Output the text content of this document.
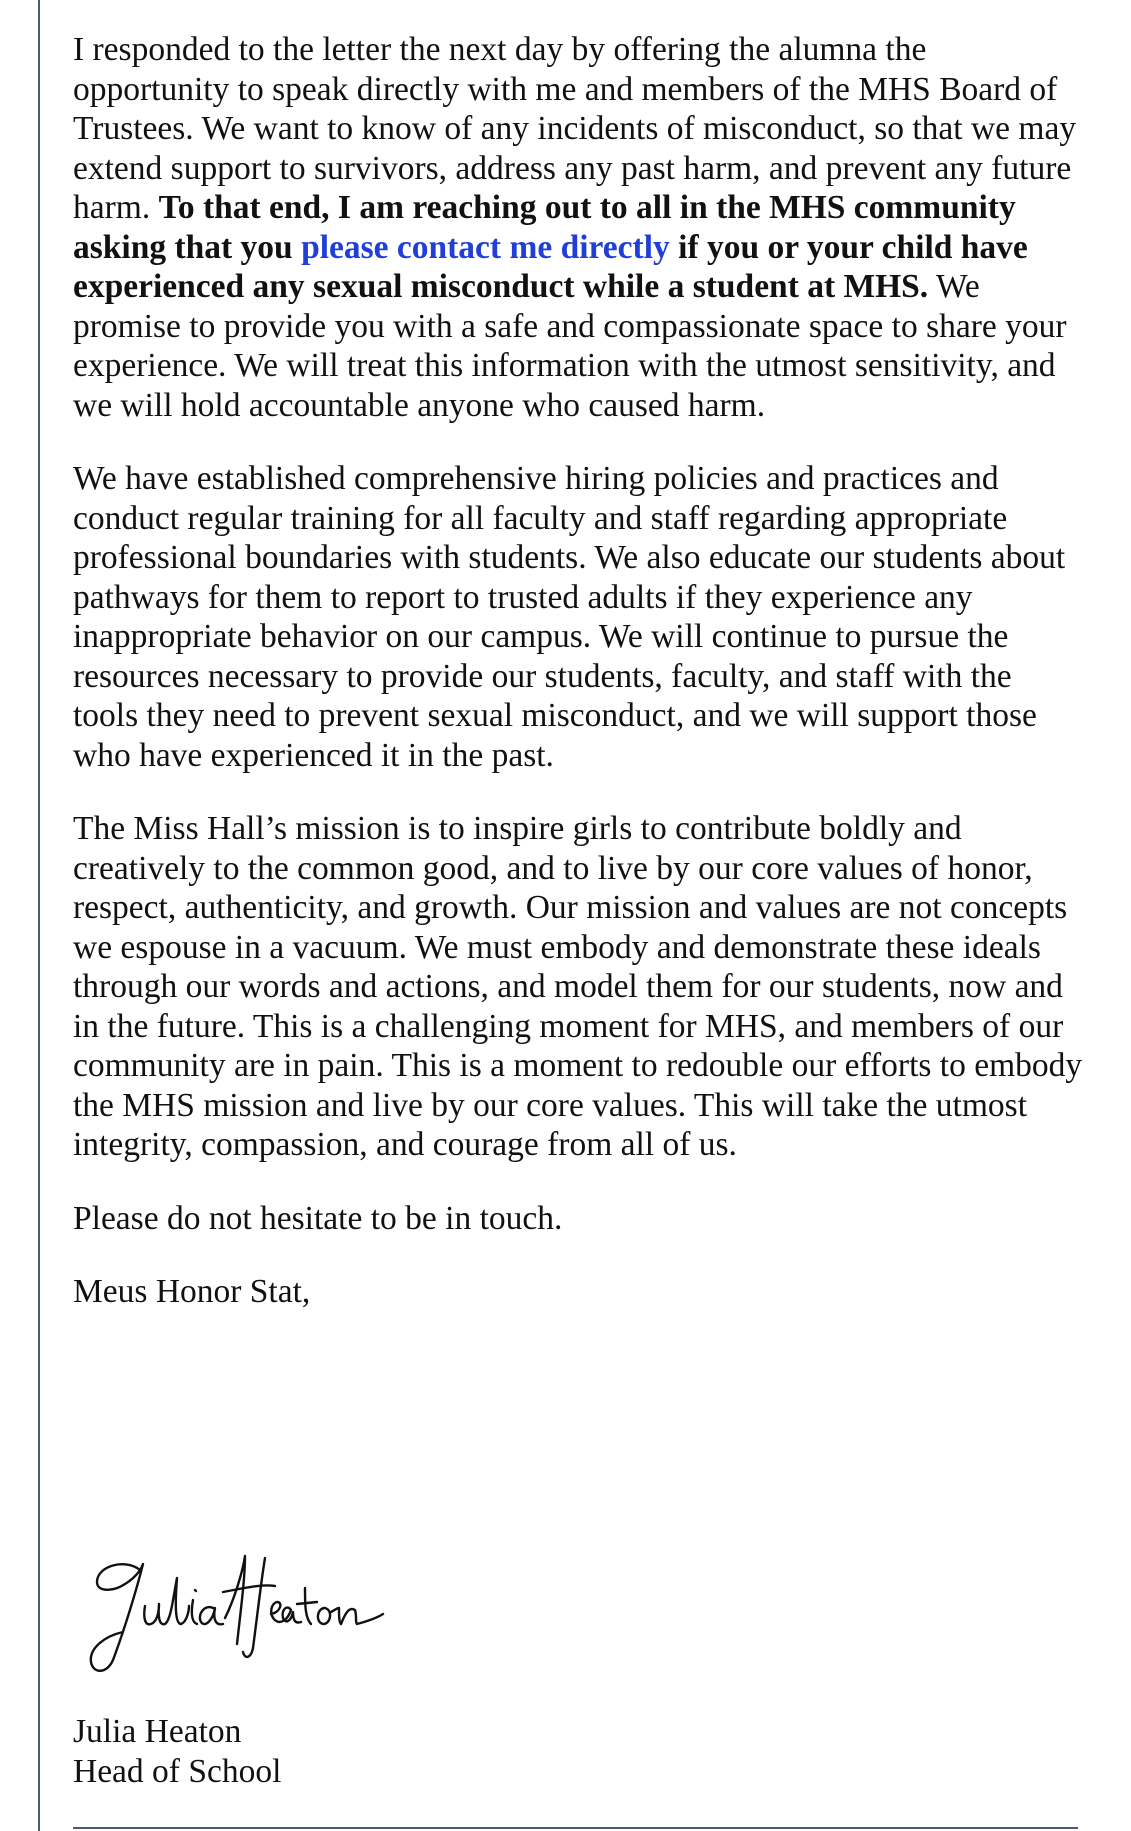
I responded to the letter the next day by offering the alumna the opportunity to speak directly with me and members of the MHS Board of Trustees. We want to know of any incidents of misconduct, so that we may extend support to survivors, address any past harm, and prevent any future harm. To that end, I am reaching out to all in the MHS community asking that you please contact me directly if you or your child have experienced any sexual misconduct while a student at MHS. We promise to provide you with a safe and compassionate space to share your experience. We will treat this information with the utmost sensitivity, and we will hold accountable anyone who caused harm.

We have established comprehensive hiring policies and practices and conduct regular training for all faculty and staff regarding appropriate professional boundaries with students. We also educate our students about pathways for them to report to trusted adults if they experience any inappropriate behavior on our campus. We will continue to pursue the resources necessary to provide our students, faculty, and staff with the tools they need to prevent sexual misconduct, and we will support those who have experienced it in the past.

The Miss Hall’s mission is to inspire girls to contribute boldly and creatively to the common good, and to live by our core values of honor, respect, authenticity, and growth. Our mission and values are not concepts we espouse in a vacuum. We must embody and demonstrate these ideals through our words and actions, and model them for our students, now and in the future. This is a challenging moment for MHS, and members of our community are in pain. This is a moment to redouble our efforts to embody the MHS mission and live by our core values. This will take the utmost integrity, compassion, and courage from all of us.

Please do not hesitate to be in touch.

Meus Honor Stat,

Julia Heaton
Head of School
